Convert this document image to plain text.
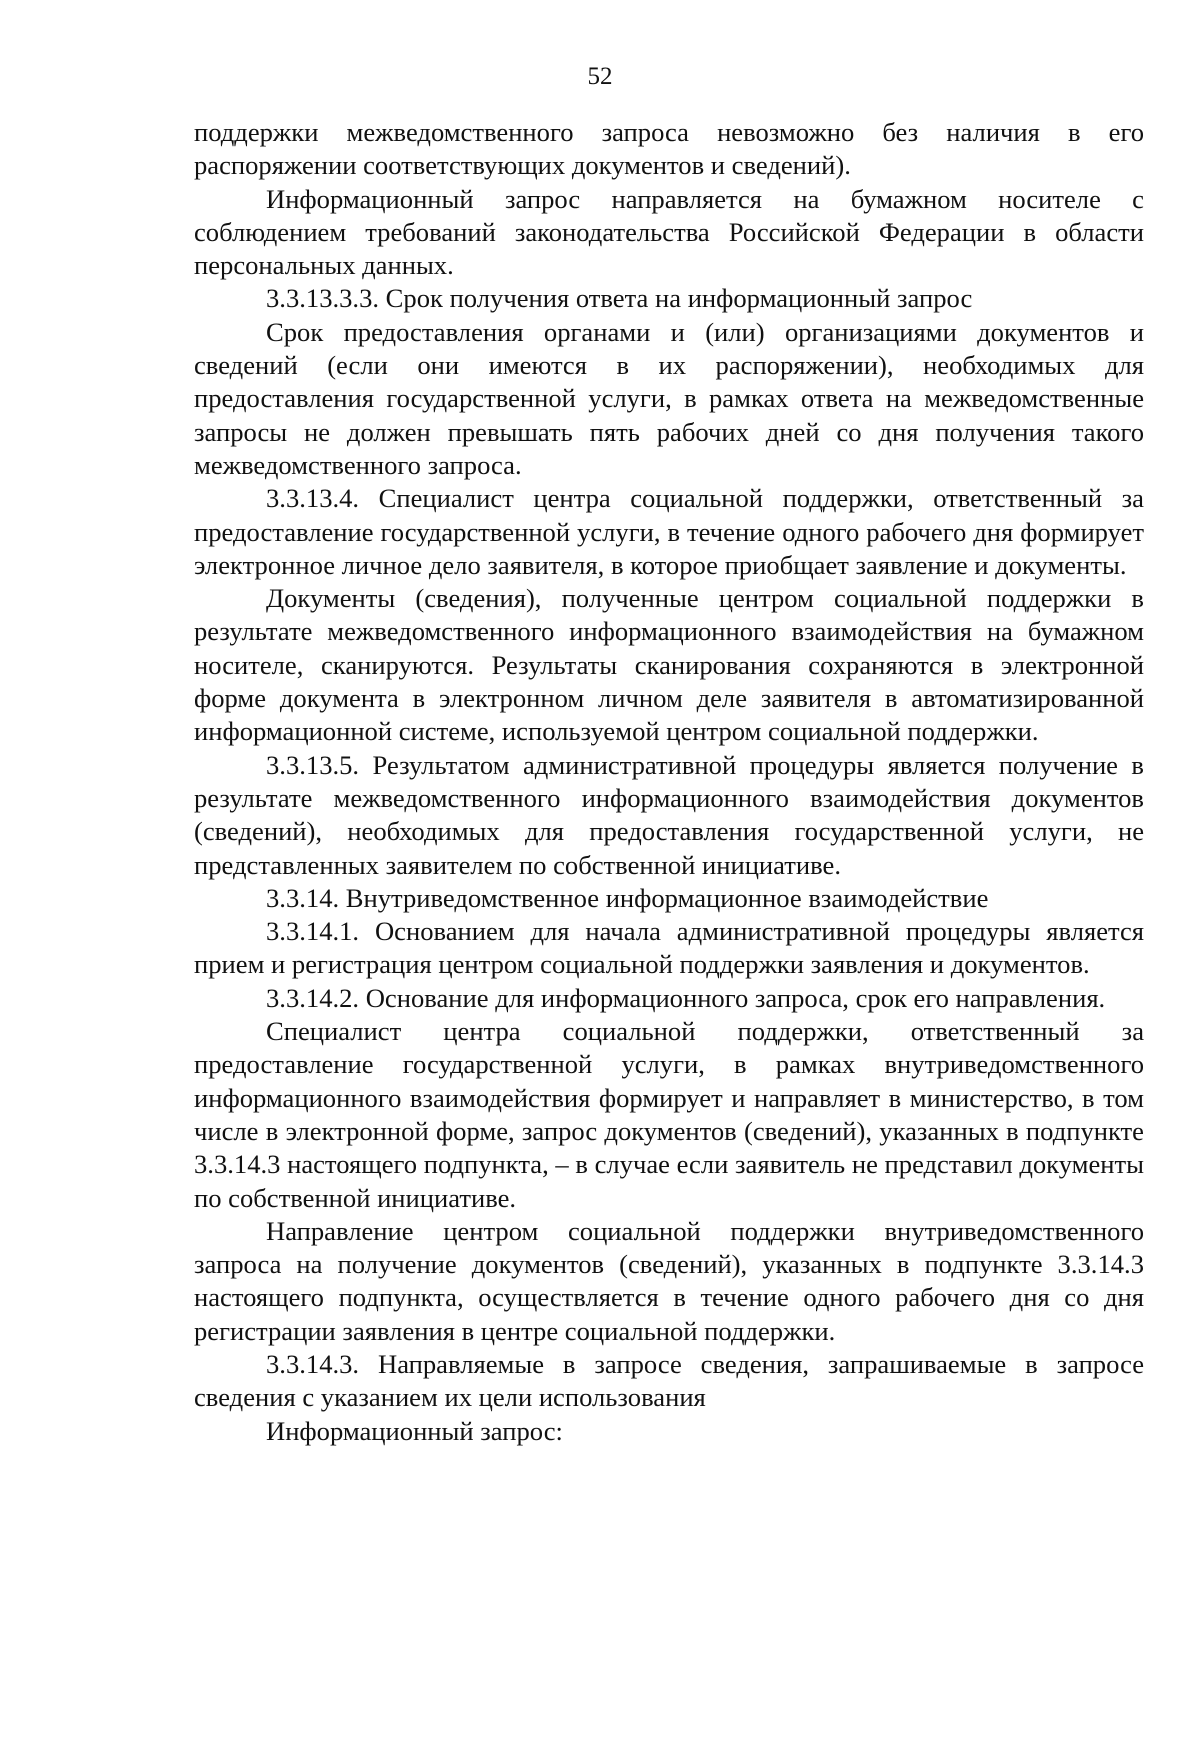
52

поддержки межведомственного запроса невозможно без наличия в его распоряжении соответствующих документов и сведений).

Информационный запрос направляется на бумажном носителе с соблюдением требований законодательства Российской Федерации в области персональных данных.

3.3.13.3.3. Срок получения ответа на информационный запрос

Срок предоставления органами и (или) организациями документов и сведений (если они имеются в их распоряжении), необходимых для предоставления государственной услуги, в рамках ответа на межведомственные запросы не должен превышать пять рабочих дней со дня получения такого межведомственного запроса.

3.3.13.4. Специалист центра социальной поддержки, ответственный за предоставление государственной услуги, в течение одного рабочего дня формирует электронное личное дело заявителя, в которое приобщает заявление и документы.

Документы (сведения), полученные центром социальной поддержки в результате межведомственного информационного взаимодействия на бумажном носителе, сканируются. Результаты сканирования сохраняются в электронной форме документа в электронном личном деле заявителя в автоматизированной информационной системе, используемой центром социальной поддержки.

3.3.13.5. Результатом административной процедуры является получение в результате межведомственного информационного взаимодействия документов (сведений), необходимых для предоставления государственной услуги, не представленных заявителем по собственной инициативе.

3.3.14. Внутриведомственное информационное взаимодействие

3.3.14.1. Основанием для начала административной процедуры является прием и регистрация центром социальной поддержки заявления и документов.

3.3.14.2. Основание для информационного запроса, срок его направления.

Специалист центра социальной поддержки, ответственный за предоставление государственной услуги, в рамках внутриведомственного информационного взаимодействия формирует и направляет в министерство, в том числе в электронной форме, запрос документов (сведений), указанных в подпункте 3.3.14.3 настоящего подпункта, – в случае если заявитель не представил документы по собственной инициативе.

Направление центром социальной поддержки внутриведомственного запроса на получение документов (сведений), указанных в подпункте 3.3.14.3 настоящего подпункта, осуществляется в течение одного рабочего дня со дня регистрации заявления в центре социальной поддержки.

3.3.14.3. Направляемые в запросе сведения, запрашиваемые в запросе сведения с указанием их цели использования

Информационный запрос:
